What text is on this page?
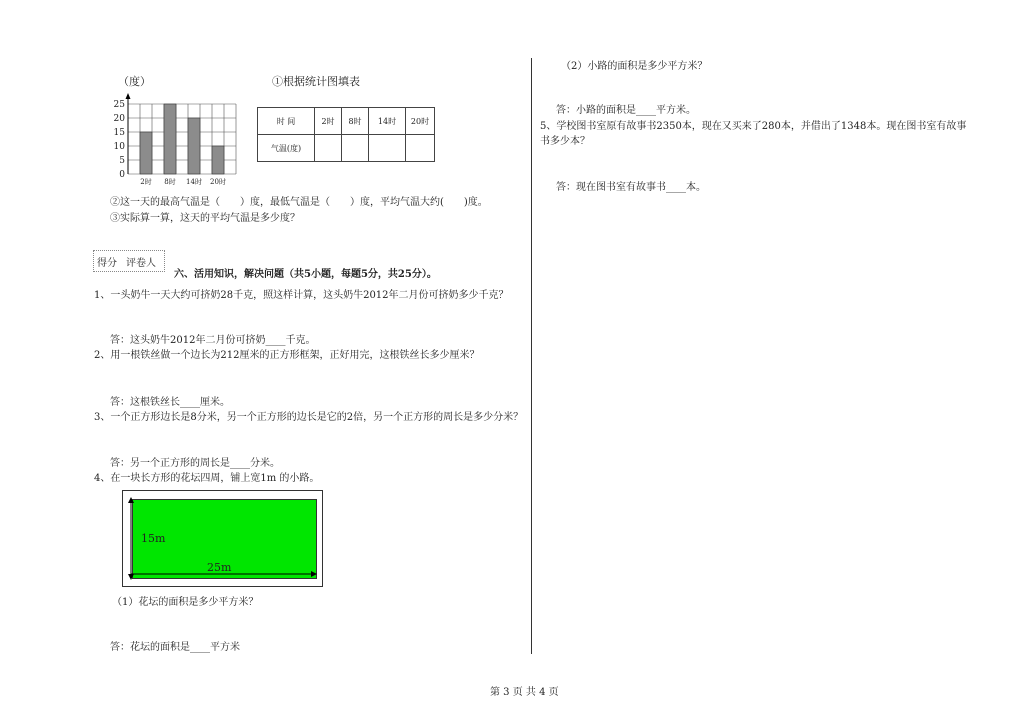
（度）
0
5
10
15
20
25
2时 8时 14时 20时
①根据统计图填表
时 间	2时	8时	14时	20时
气温(度)				
②这一天的最高气温是（　　）度，最低气温是（　　）度，平均气温大约(　　)度。
③实际算一算，这天的平均气温是多少度？
得分 评卷人
六、活用知识，解决问题（共5小题，每题5分，共25分）。
1、一头奶牛一天大约可挤奶28千克，照这样计算，这头奶牛2012年二月份可挤奶多少千克？
答：这头奶牛2012年二月份可挤奶____千克。
2、用一根铁丝做一个边长为212厘米的正方形框架，正好用完，这根铁丝长多少厘米？
答：这根铁丝长____厘米。
3、一个正方形边长是8分米，另一个正方形的边长是它的2倍，另一个正方形的周长是多少分米？
答：另一个正方形的周长是____分米。
4、在一块长方形的花坛四周，铺上宽1m 的小路。
15m
25m
（1）花坛的面积是多少平方米？
答：花坛的面积是____平方米
（2）小路的面积是多少平方米？
答：小路的面积是____平方米。
5、学校图书室原有故事书2350本，现在又买来了280本，并借出了1348本。现在图书室有故事
书多少本？
答：现在图书室有故事书____本。
第 3 页 共 4 页
